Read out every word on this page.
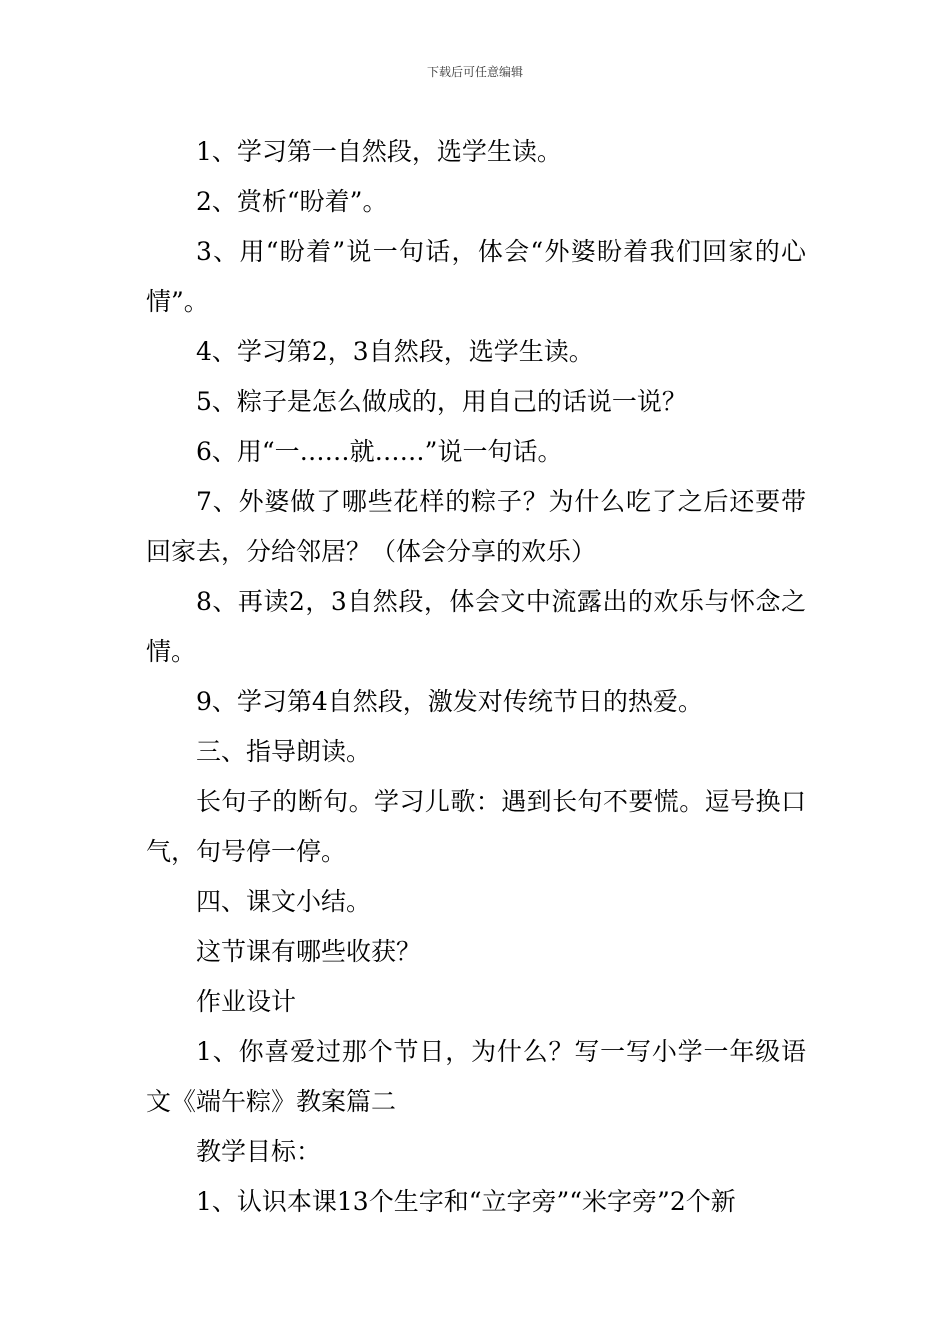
下载后可任意编辑

1、学习第一自然段，选学生读。

2、赏析“盼着”。

3、用“盼着”说一句话，体会“外婆盼着我们回家的心情”。

4、学习第2，3自然段，选学生读。

5、粽子是怎么做成的，用自己的话说一说？

6、用“一……就……”说一句话。

7、外婆做了哪些花样的粽子？为什么吃了之后还要带回家去，分给邻居？（体会分享的欢乐）

8、再读2，3自然段，体会文中流露出的欢乐与怀念之情。

9、学习第4自然段，激发对传统节日的热爱。

三、指导朗读。

长句子的断句。学习儿歌：遇到长句不要慌。逗号换口气，句号停一停。

四、课文小结。

这节课有哪些收获？

作业设计

1、你喜爱过那个节日，为什么？写一写小学一年级语文《端午粽》教案篇二

教学目标：

1、认识本课13个生字和“立字旁”“米字旁”2个新
